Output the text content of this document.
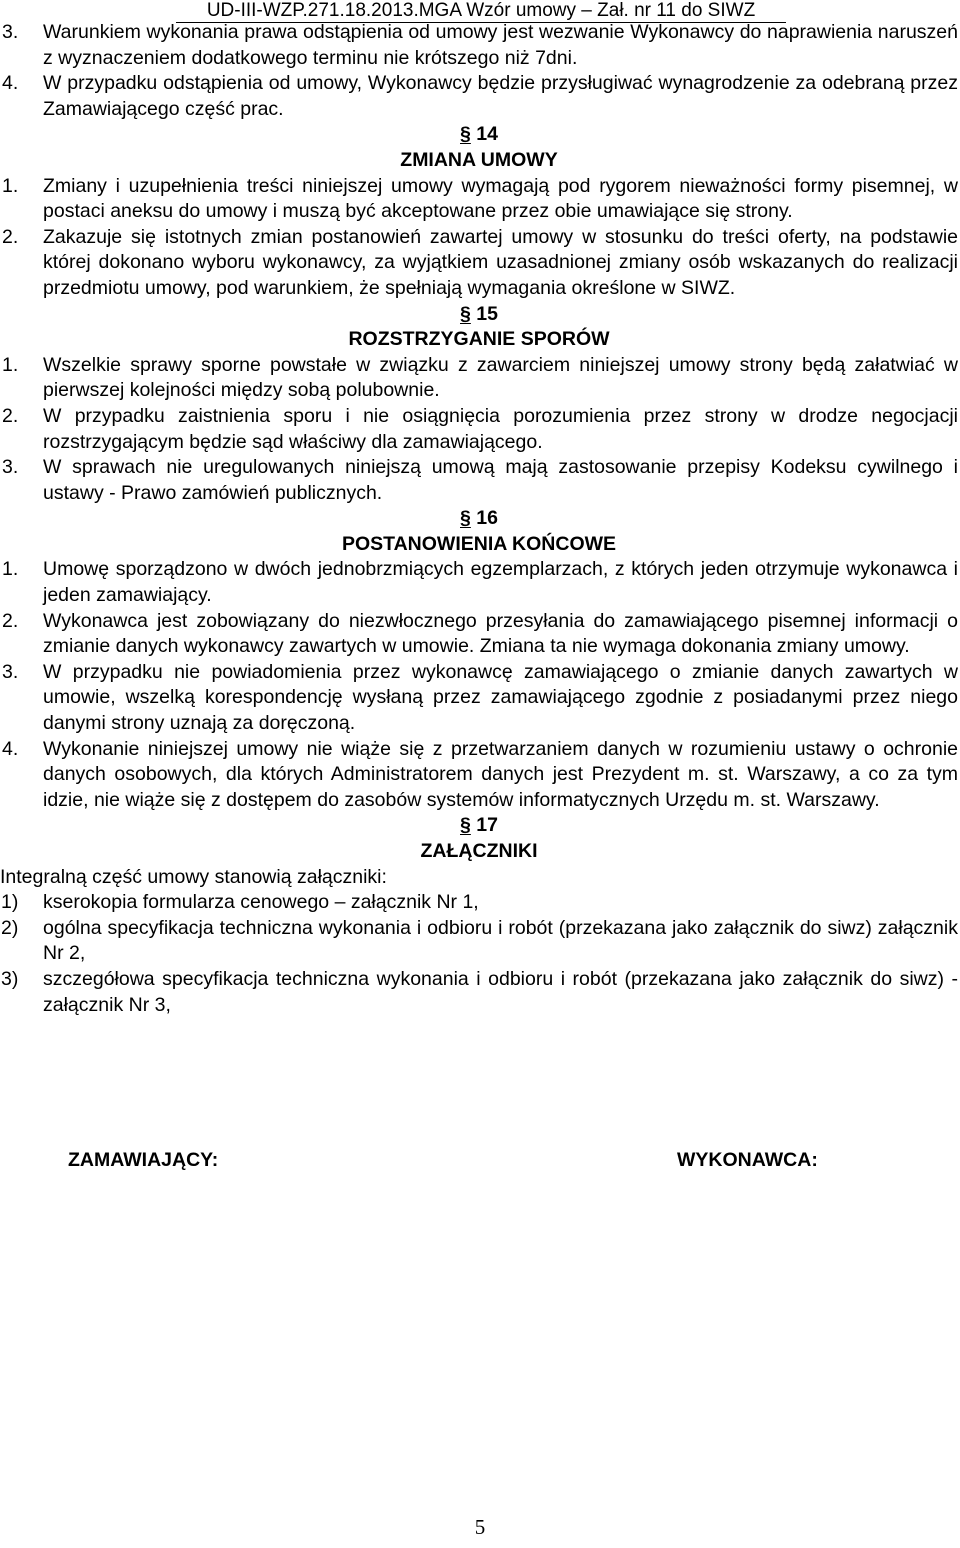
UD-III-WZP.271.18.2013.MGA Wzór umowy – Zał. nr 11 do SIWZ
3. Warunkiem wykonania prawa odstąpienia od umowy jest wezwanie Wykonawcy do naprawienia naruszeń z wyznaczeniem dodatkowego terminu nie krótszego niż 7dni.
4. W przypadku odstąpienia od umowy, Wykonawcy będzie przysługiwać wynagrodzenie za odebraną przez Zamawiającego część prac.
§ 14
ZMIANA UMOWY
1. Zmiany i uzupełnienia treści niniejszej umowy wymagają pod rygorem nieważności formy pisemnej, w postaci aneksu do umowy i muszą być akceptowane przez obie umawiające się strony.
2. Zakazuje się istotnych zmian postanowień zawartej umowy w stosunku do treści oferty, na podstawie której dokonano wyboru wykonawcy, za wyjątkiem uzasadnionej zmiany osób wskazanych do realizacji przedmiotu umowy, pod warunkiem, że spełniają wymagania określone w SIWZ.
§ 15
ROZSTRZYGANIE SPORÓW
1. Wszelkie sprawy sporne powstałe w związku z zawarciem niniejszej umowy strony będą załatwiać w pierwszej kolejności między sobą polubownie.
2. W przypadku zaistnienia sporu i nie osiągnięcia porozumienia przez strony w drodze negocjacji rozstrzygającym będzie sąd właściwy dla zamawiającego.
3. W sprawach nie uregulowanych niniejszą umową mają zastosowanie przepisy Kodeksu cywilnego i ustawy - Prawo zamówień publicznych.
§ 16
POSTANOWIENIA KOŃCOWE
1. Umowę sporządzono w dwóch jednobrzmiących egzemplarzach, z których jeden otrzymuje wykonawca i jeden zamawiający.
2. Wykonawca jest zobowiązany do niezwłocznego przesyłania do zamawiającego pisemnej informacji o zmianie danych wykonawcy zawartych w umowie. Zmiana ta nie wymaga dokonania zmiany umowy.
3. W przypadku nie powiadomienia przez wykonawcę zamawiającego o zmianie danych zawartych w umowie, wszelką korespondencję wysłaną przez zamawiającego zgodnie z posiadanymi przez niego danymi strony uznają za doręczoną.
4. Wykonanie niniejszej umowy nie wiąże się z przetwarzaniem danych w rozumieniu ustawy o ochronie danych osobowych, dla których Administratorem danych jest Prezydent m. st. Warszawy, a co za tym idzie, nie wiąże się z dostępem do zasobów systemów informatycznych Urzędu m. st. Warszawy.
§ 17
ZAŁĄCZNIKI
Integralną część umowy stanowią załączniki:
1) kserokopia formularza cenowego – załącznik Nr 1,
2) ogólna specyfikacja techniczna wykonania i odbioru i robót (przekazana jako załącznik do siwz) załącznik Nr 2,
3) szczegółowa specyfikacja techniczna wykonania i odbioru i robót (przekazana jako załącznik do siwz) - załącznik Nr 3,
ZAMAWIAJĄCY:	WYKONAWCA:
5
